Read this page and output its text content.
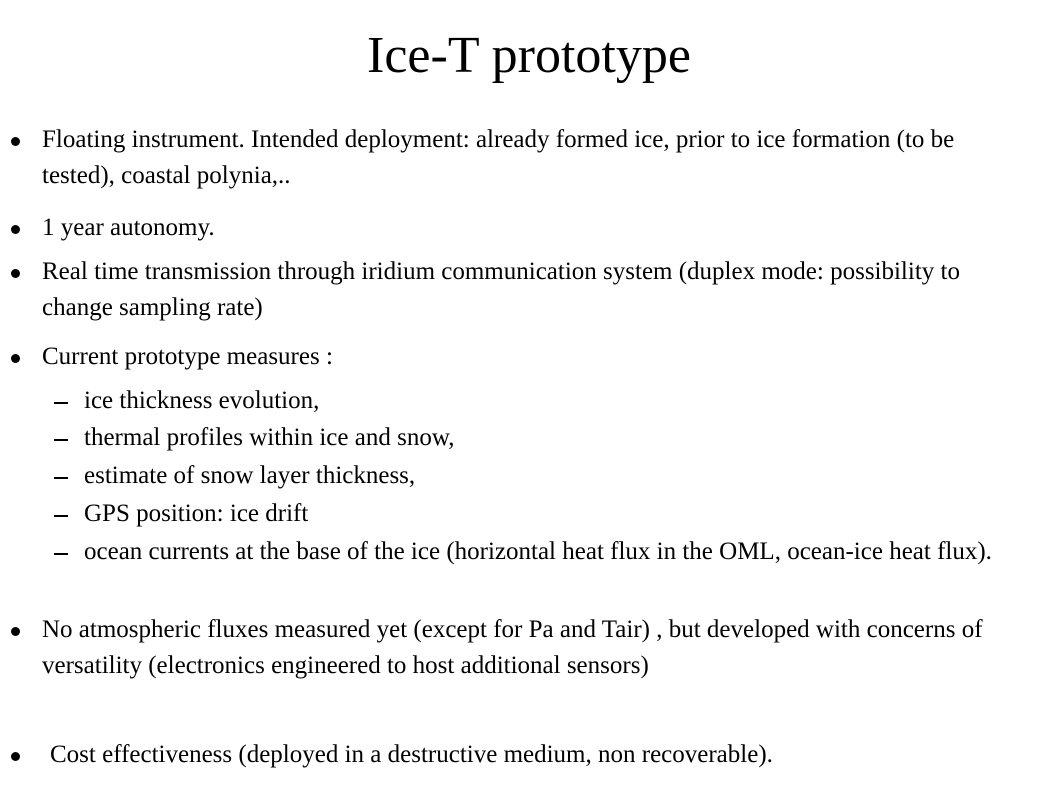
Ice-T prototype
Floating instrument. Intended deployment: already formed ice, prior to ice formation (to be tested), coastal polynia,..
1 year autonomy.
Real time transmission through iridium communication system (duplex mode: possibility to change sampling rate)
Current prototype measures :
ice thickness evolution,
thermal profiles within ice and snow,
estimate of snow layer thickness,
GPS position: ice drift
ocean currents at the base of the ice (horizontal heat flux in the OML, ocean-ice heat flux).
No atmospheric fluxes measured yet (except for Pa and Tair) , but developed with concerns of versatility (electronics engineered to host additional sensors)
Cost effectiveness (deployed in a destructive medium, non recoverable).
